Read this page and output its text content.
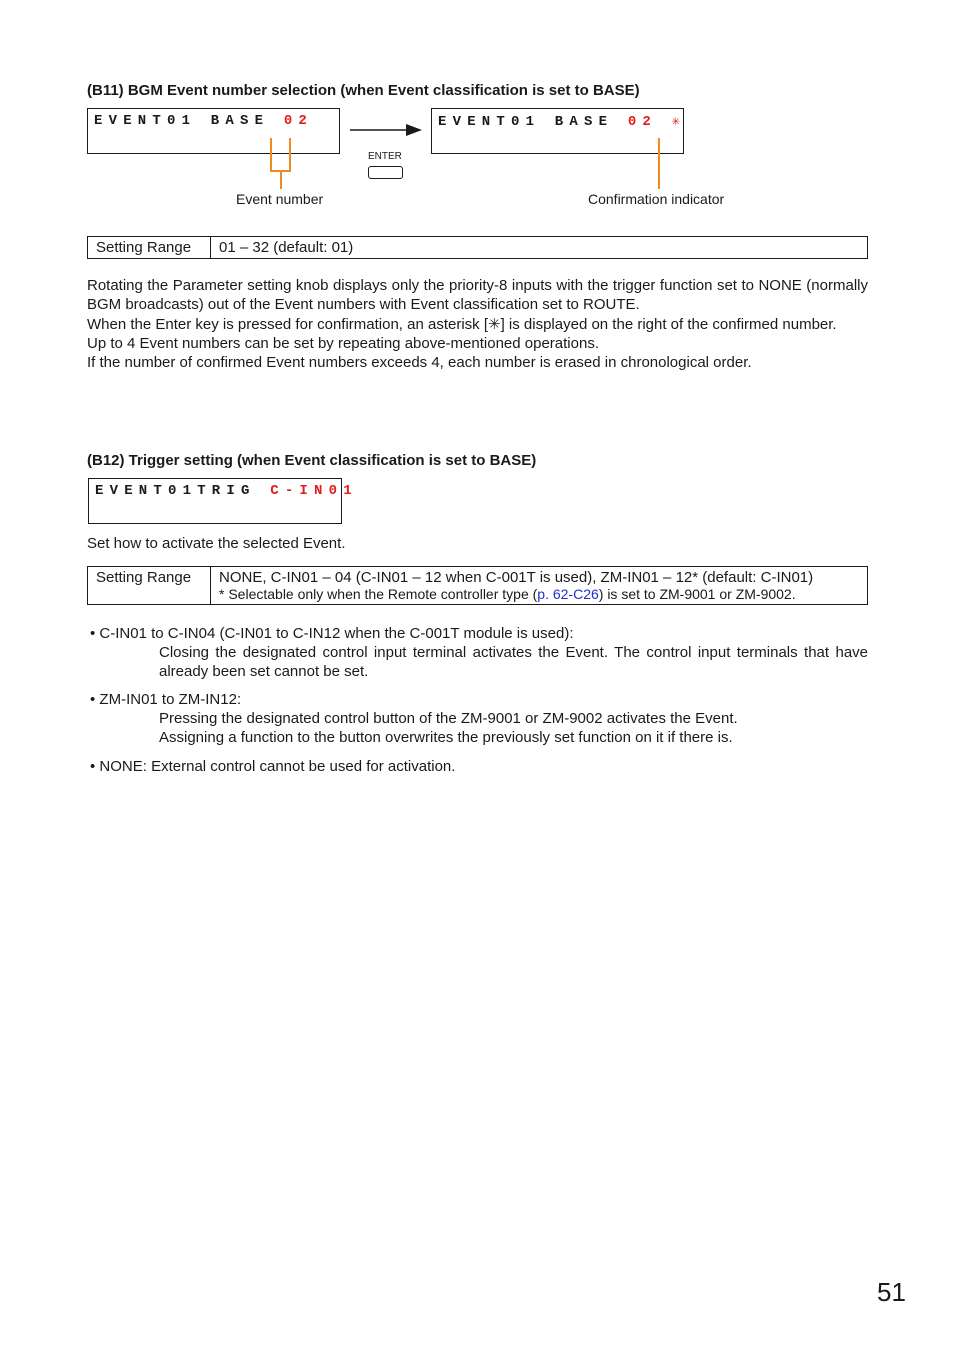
(B11) BGM Event number selection (when Event classification is set to BASE)
EVENT01 BASE 02	EVENT01 BASE 02 ✳
ENTER
Event number	Confirmation indicator
Setting Range	01 – 32 (default: 01)

Rotating the Parameter setting knob displays only the priority-8 inputs with the trigger function set to NONE (normally BGM broadcasts) out of the Event numbers with Event classification set to ROUTE.

When the Enter key is pressed for confirmation, an asterisk [✳] is displayed on the right of the confirmed number.

Up to 4 Event numbers can be set by repeating above-mentioned operations.

If the number of confirmed Event numbers exceeds 4, each number is erased in chronological order.

(B12) Trigger setting (when Event classification is set to BASE)
EVENT01TRIG C-IN01
Set how to activate the selected Event.
Setting Range	NONE, C-IN01 – 04 (C-IN01 – 12 when C-001T is used), ZM-IN01 – 12* (default: C-IN01)
* Selectable only when the Remote controller type (p. 62-C26) is set to ZM-9001 or ZM-9002.
• C-IN01 to C-IN04 (C-IN01 to C-IN12 when the C-001T module is used):
Closing the designated control input terminal activates the Event. The control input terminals that have already been set cannot be set.
• ZM-IN01 to ZM-IN12:
Pressing the designated control button of the ZM-9001 or ZM-9002 activates the Event.
Assigning a function to the button overwrites the previously set function on it if there is.
• NONE: External control cannot be used for activation.
51
